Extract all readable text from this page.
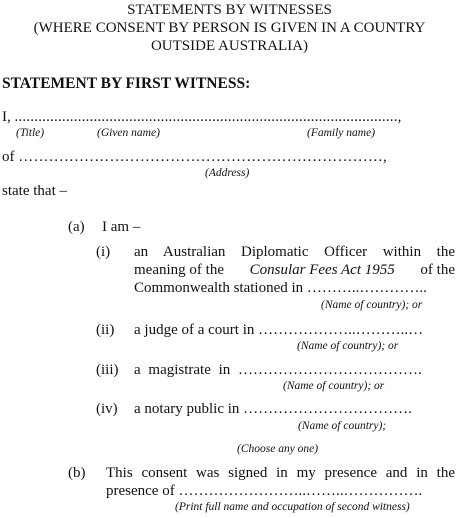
STATEMENTS BY WITNESSES
(WHERE CONSENT BY PERSON IS GIVEN IN A COUNTRY
OUTSIDE AUSTRALIA)
STATEMENT BY FIRST WITNESS:
I, .................................................................................................,
(Title)	(Given name)	(Family name)
of ………………………………………………………………,
(Address)
state that –
(a) I am –
(i) an Australian Diplomatic Officer within the
meaning of the Consular Fees Act 1955 of the
Commonwealth stationed in ………..…………..
(Name of country); or
(ii) a judge of a court in ………………..………..…
(Name of country); or
(iii) a magistrate in ……………………………….
(Name of country); or
(iv) a notary public in …………………………….
(Name of country);
(Choose any one)
(b) This consent was signed in my presence and in the
presence of ……………………..……..…………….
(Print full name and occupation of second witness)
